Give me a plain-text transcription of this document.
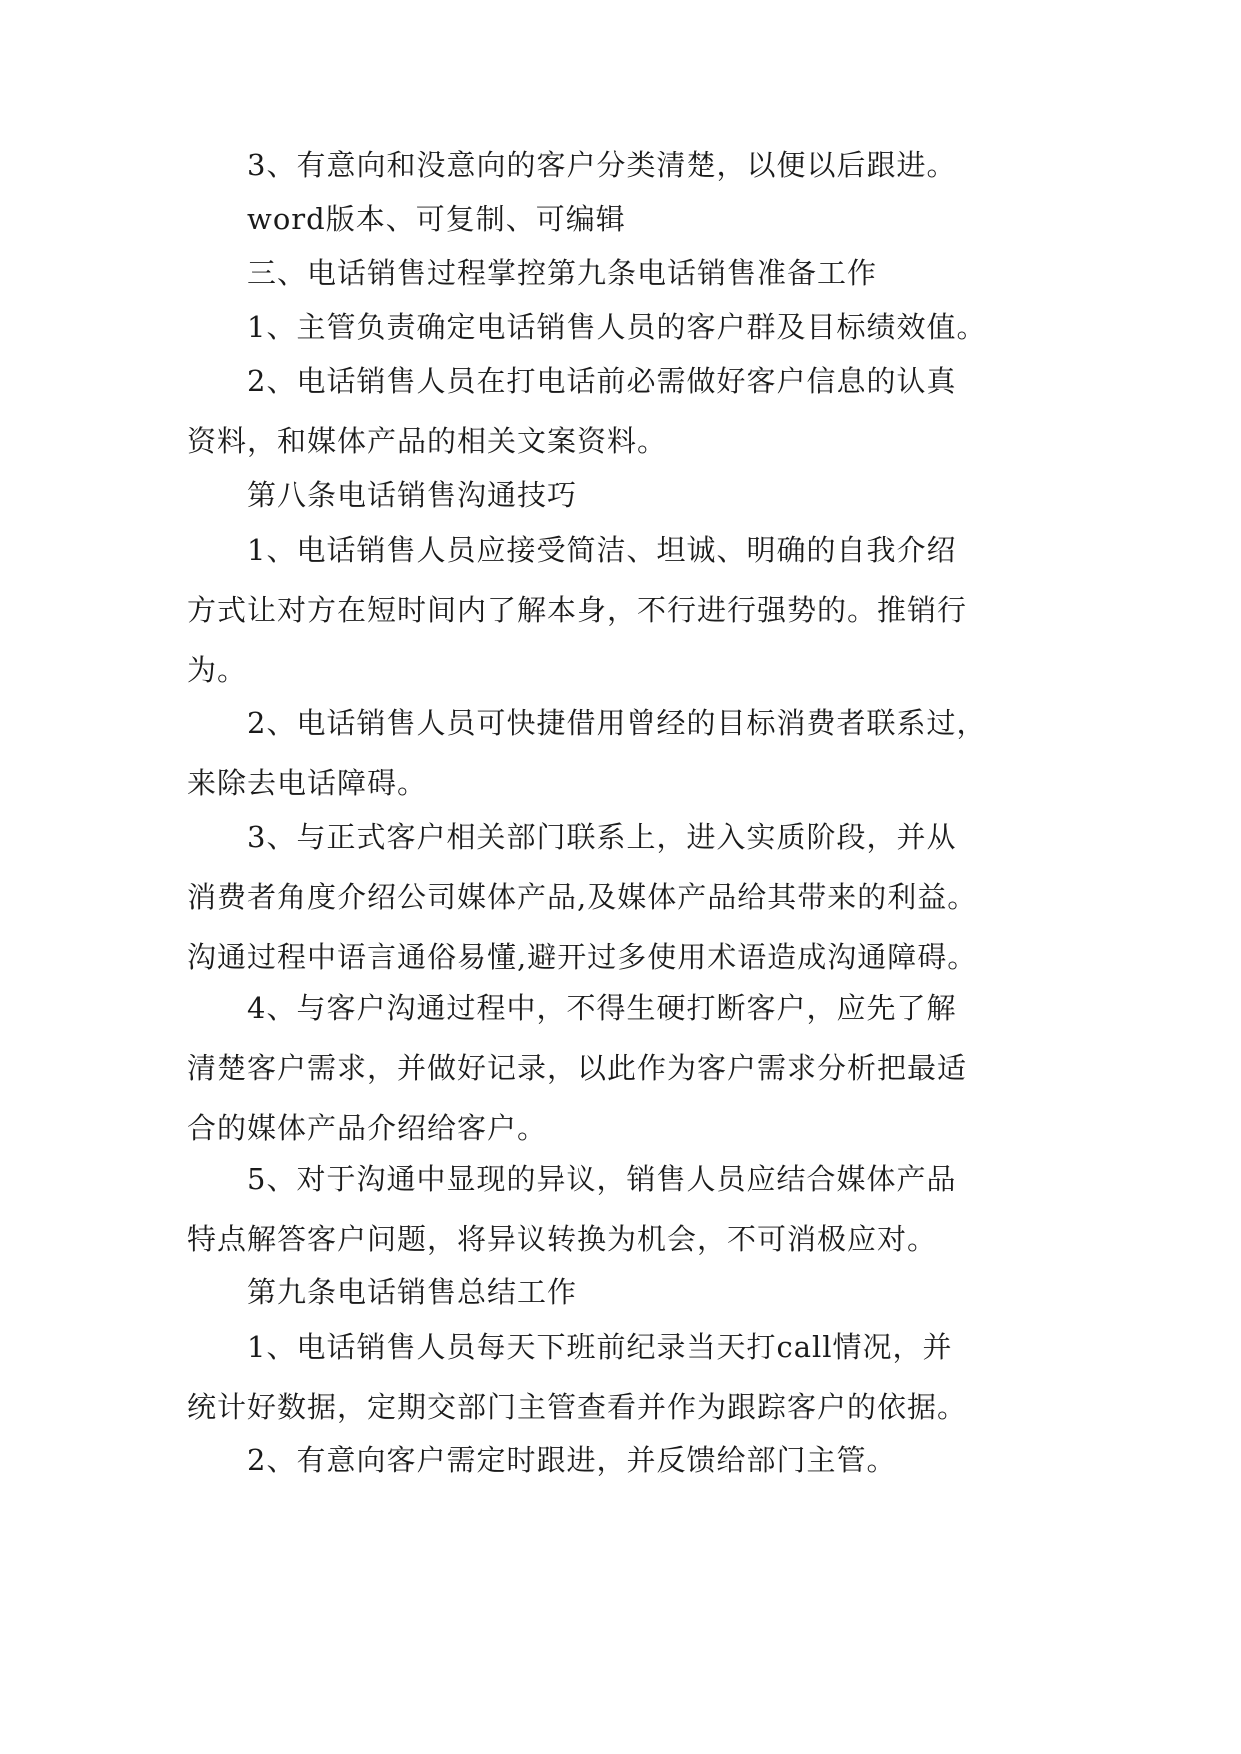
　　3、有意向和没意向的客户分类清楚，以便以后跟进。

　　word版本、可复制、可编辑

　　三、电话销售过程掌控第九条电话销售准备工作

　　1、主管负责确定电话销售人员的客户群及目标绩效值。

　　2、电话销售人员在打电话前必需做好客户信息的认真
资料，和媒体产品的相关文案资料。

　　第八条电话销售沟通技巧

　　1、电话销售人员应接受简洁、坦诚、明确的自我介绍
方式让对方在短时间内了解本身，不行进行强势的。推销行
为。

　　2、电话销售人员可快捷借用曾经的目标消费者联系过，
来除去电话障碍。

　　3、与正式客户相关部门联系上，进入实质阶段，并从
消费者角度介绍公司媒体产品,及媒体产品给其带来的利益。
沟通过程中语言通俗易懂,避开过多使用术语造成沟通障碍。

　　4、与客户沟通过程中，不得生硬打断客户，应先了解
清楚客户需求，并做好记录，以此作为客户需求分析把最适
合的媒体产品介绍给客户。

　　5、对于沟通中显现的异议，销售人员应结合媒体产品
特点解答客户问题，将异议转换为机会，不可消极应对。

　　第九条电话销售总结工作

　　1、电话销售人员每天下班前纪录当天打call情况，并
统计好数据，定期交部门主管查看并作为跟踪客户的依据。

　　2、有意向客户需定时跟进，并反馈给部门主管。
